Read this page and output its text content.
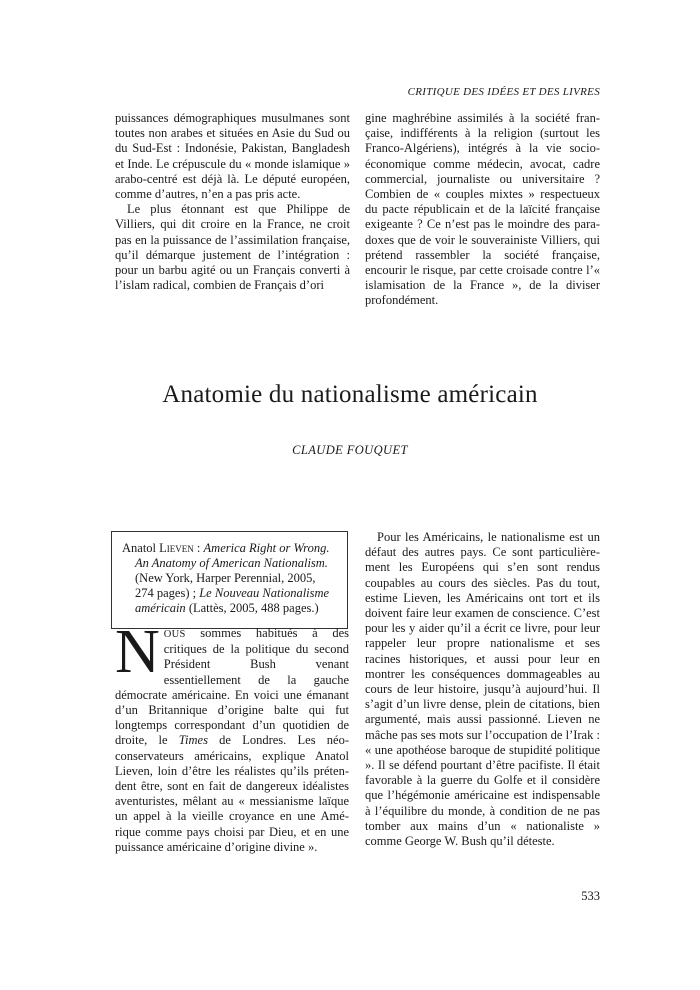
CRITIQUE DES IDÉES ET DES LIVRES

puissances démographiques musulmanes sont toutes non arabes et situées en Asie du Sud ou du Sud-Est : Indonésie, Pakistan, Bangladesh et Inde. Le crépuscule du « monde islamique » arabo-centré est déjà là. Le député européen, comme d’autres, n’en a pas pris acte.

Le plus étonnant est que Philippe de Villiers, qui dit croire en la France, ne croit pas en la puissance de l’assimilation française, qu’il démarque justement de l’intégration : pour un barbu agité ou un Français converti à l’islam radical, combien de Français d’ori

gine maghrébine assimilés à la société française, indifférents à la religion (surtout les Franco-Algériens), intégrés à la vie socio-économique comme médecin, avocat, cadre commercial, journaliste ou universitaire ? Combien de « couples mixtes » respectueux du pacte républicain et de la laïcité française exigeante ? Ce n’est pas le moindre des paradoxes que de voir le souverainiste Villiers, qui prétend rassembler la société française, encourir le risque, par cette croisade contre l’« islamisation de la France », de la diviser profondément.

Anatomie du nationalisme américain
CLAUDE FOUQUET
Anatol Lieven : America Right or Wrong. An Anatomy of American Nationalism. (New York, Harper Perennial, 2005, 274 pages) ; Le Nouveau Nationalisme américain (Lattès, 2005, 488 pages.)

NOUS sommes habitués à des critiques de la politique du second Président Bush venant essentiellement de la gauche démocrate américaine. En voici une émanant d’un Britannique d’origine balte qui fut longtemps correspondant d’un quotidien de droite, le Times de Londres. Les néo-conservateurs américains, explique Anatol Lieven, loin d’être les réalistes qu’ils prétendent être, sont en fait de dangereux idéalistes aventuristes, mêlant au « messianisme laïque un appel à la vieille croyance en une Amérique comme pays choisi par Dieu, et en une puissance américaine d’origine divine ».

Pour les Américains, le nationalisme est un défaut des autres pays. Ce sont particulièrement les Européens qui s’en sont rendus coupables au cours des siècles. Pas du tout, estime Lieven, les Américains ont tort et ils doivent faire leur examen de conscience. C’est pour les y aider qu’il a écrit ce livre, pour leur rappeler leur propre nationalisme et ses racines historiques, et aussi pour leur en montrer les conséquences dommageables au cours de leur histoire, jusqu’à aujourd’hui. Il s’agit d’un livre dense, plein de citations, bien argumenté, mais aussi passionné. Lieven ne mâche pas ses mots sur l’occupation de l’Irak : « une apothéose baroque de stupidité politique ». Il se défend pourtant d’être pacifiste. Il était favorable à la guerre du Golfe et il considère que l’hégémonie américaine est indispensable à l’équilibre du monde, à condition de ne pas tomber aux mains d’un « nationaliste » comme George W. Bush qu’il déteste.

533
